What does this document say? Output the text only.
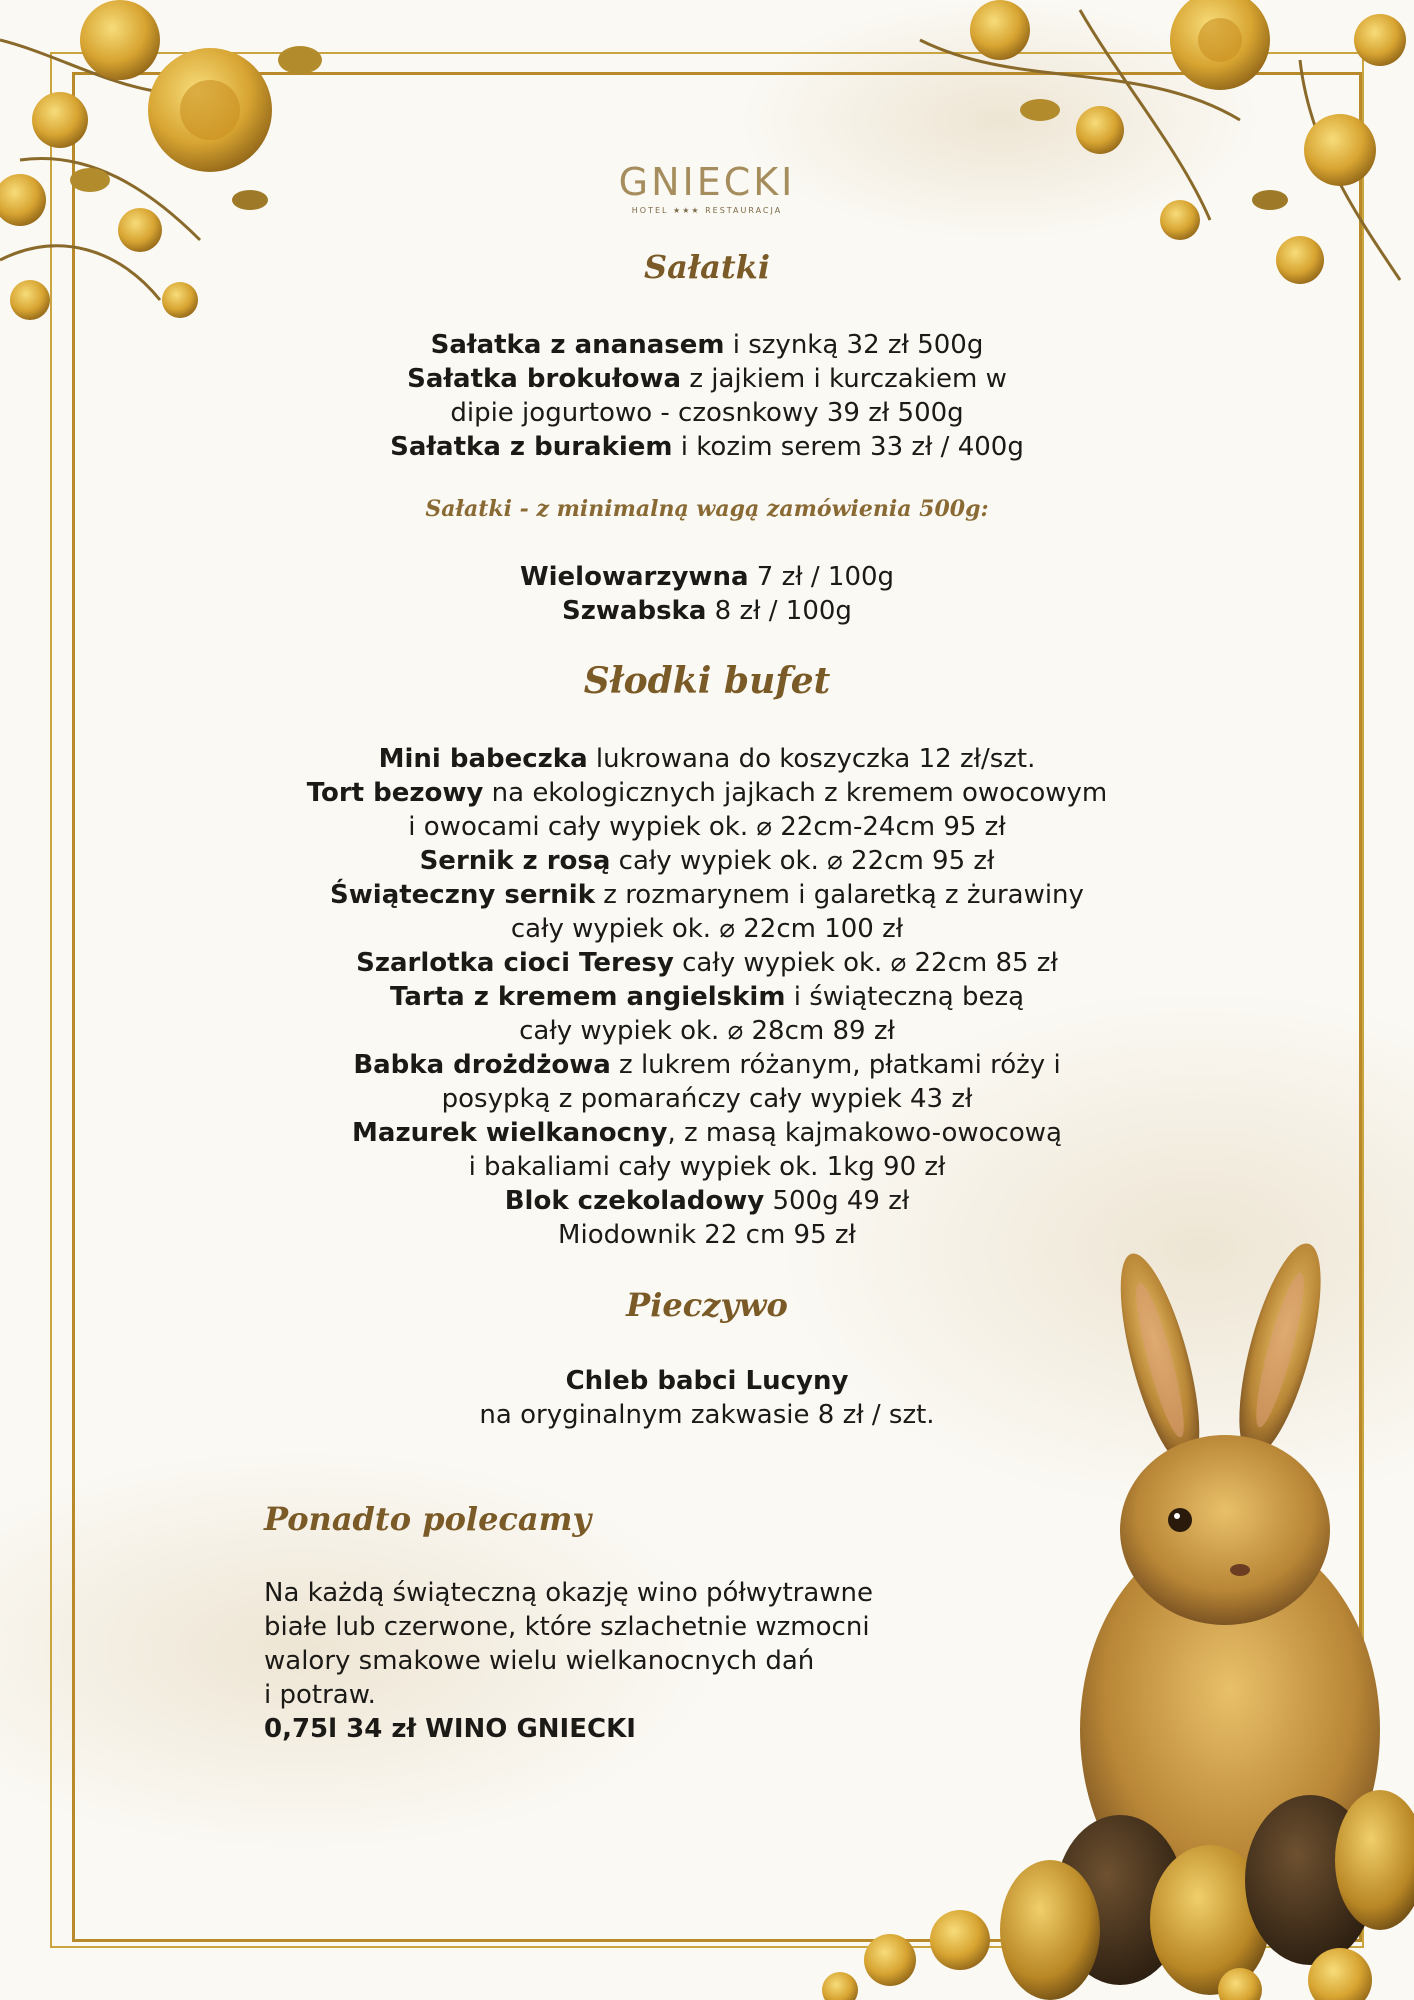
GNIECKI
HOTEL ★★★ RESTAURACJA
Sałatki
Sałatka z ananasem i szynką 32 zł 500g
Sałatka brokułowa z jajkiem i kurczakiem w
dipie jogurtowo - czosnkowy 39 zł 500g
Sałatka z burakiem i kozim serem 33 zł / 400g
Sałatki - z minimalną wagą zamówienia 500g:
Wielowarzywna 7 zł / 100g
Szwabska 8 zł / 100g
Słodki bufet
Mini babeczka lukrowana do koszyczka 12 zł/szt.
Tort bezowy na ekologicznych jajkach z kremem owocowym
i owocami cały wypiek ok. ⌀ 22cm-24cm 95 zł
Sernik z rosą cały wypiek ok. ⌀ 22cm 95 zł
Świąteczny sernik z rozmarynem i galaretką z żurawiny
cały wypiek ok. ⌀ 22cm 100 zł
Szarlotka cioci Teresy cały wypiek ok. ⌀ 22cm 85 zł
Tarta z kremem angielskim i świąteczną bezą
cały wypiek ok. ⌀ 28cm 89 zł
Babka drożdżowa z lukrem różanym, płatkami róży i
posypką z pomarańczy cały wypiek 43 zł
Mazurek wielkanocny, z masą kajmakowo-owocową
i bakaliami cały wypiek ok. 1kg 90 zł
Blok czekoladowy 500g 49 zł
Miodownik 22 cm 95 zł
Pieczywo
Chleb babci Lucyny
na oryginalnym zakwasie 8 zł / szt.
Ponadto polecamy
Na każdą świąteczną okazję wino półwytrawne
białe lub czerwone, które szlachetnie wzmocni
walory smakowe wielu wielkanocnych dań
i potraw.
0,75l 34 zł WINO GNIECKI
